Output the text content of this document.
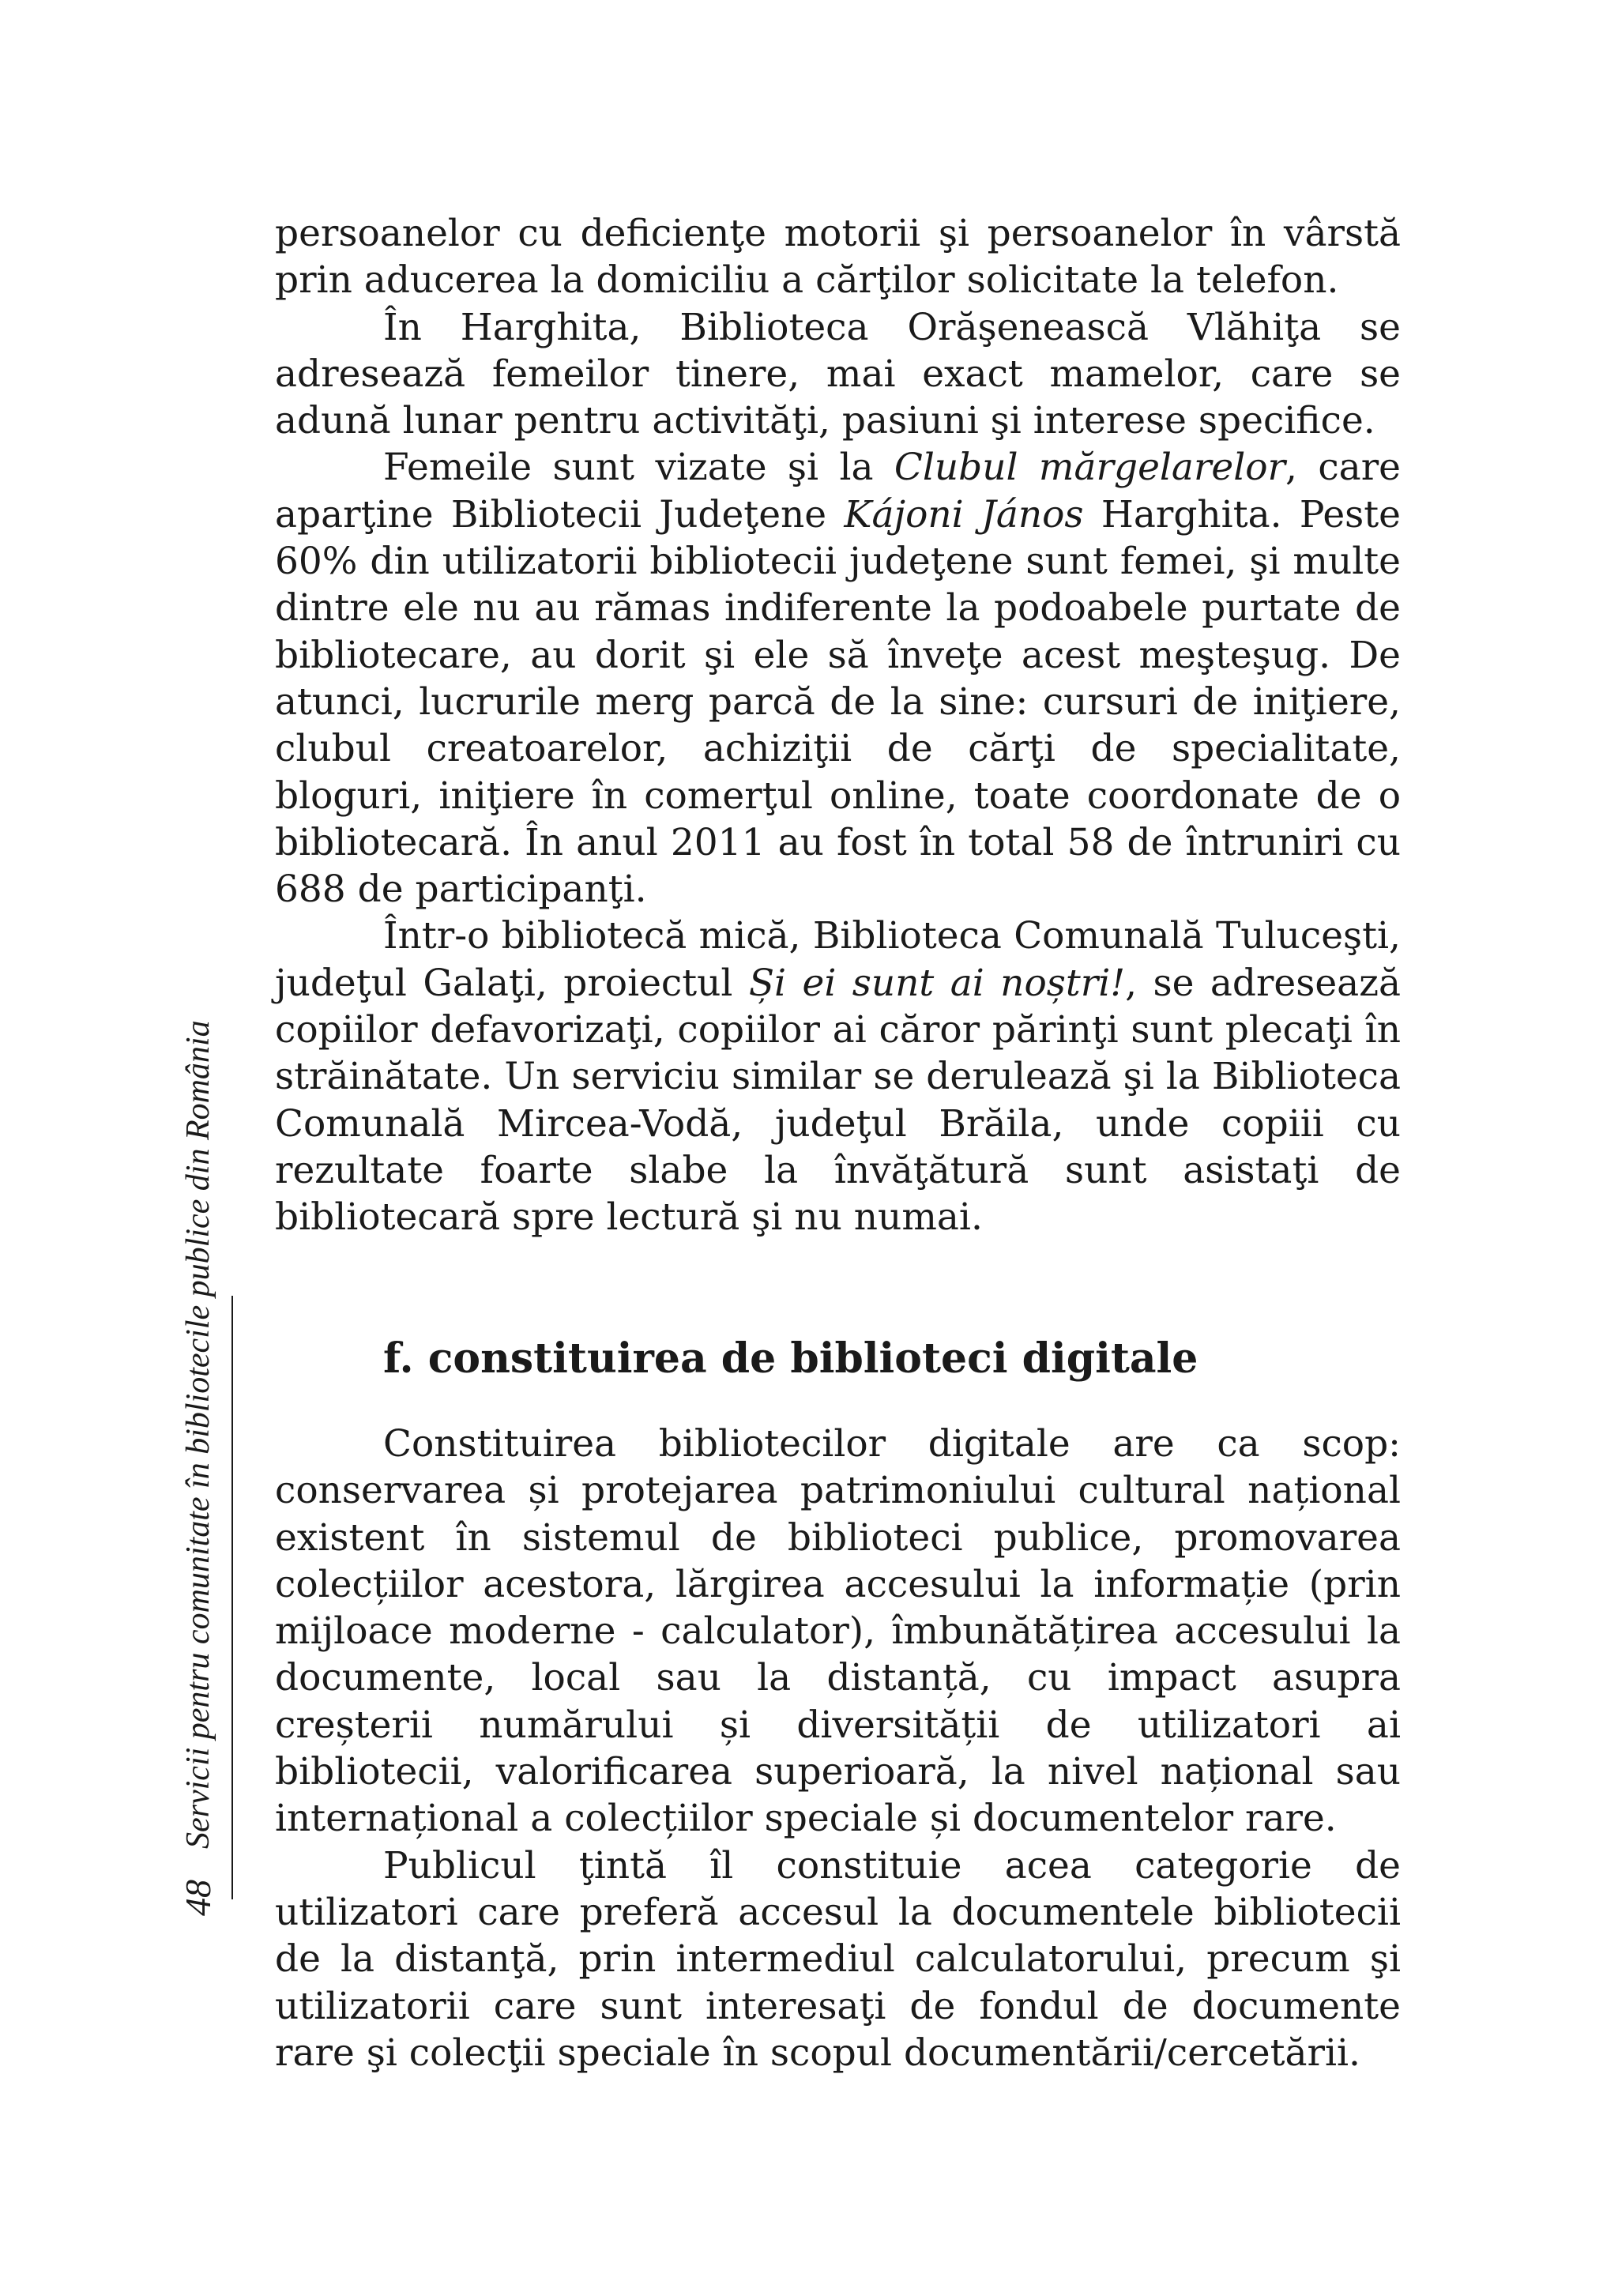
persoanelor cu deficienţe motorii şi persoanelor în vârstă prin aducerea la domiciliu a cărţilor solicitate la telefon.

În Harghita, Biblioteca Orăşenească Vlăhiţa se adresează femeilor tinere, mai exact mamelor, care se adună lunar pentru activităţi, pasiuni şi interese specifice.

Femeile sunt vizate şi la Clubul mărgelarelor, care aparţine Bibliotecii Judeţene Kájoni János Harghita. Peste 60% din utilizatorii bibliotecii judeţene sunt femei, şi multe dintre ele nu au rămas indiferente la podoabele purtate de bibliotecare, au dorit şi ele să înveţe acest meşteşug. De atunci, lucrurile merg parcă de la sine: cursuri de iniţiere, clubul creatoarelor, achiziţii de cărţi de specialitate, bloguri, iniţiere în comerţul online, toate coordonate de o bibliotecară. În anul 2011 au fost în total 58 de întruniri cu 688 de participanţi.

Într-o bibliotecă mică, Biblioteca Comunală Tuluceşti, judeţul Galaţi, proiectul Și ei sunt ai noștri!, se adresează copiilor defavorizaţi, copiilor ai căror părinţi sunt plecaţi în străinătate. Un serviciu similar se derulează şi la Biblioteca Comunală Mircea-Vodă, judeţul Brăila, unde copiii cu rezultate foarte slabe la învăţătură sunt asistaţi de bibliotecară spre lectură şi nu numai.

f. constituirea de biblioteci digitale

Constituirea bibliotecilor digitale are ca scop: conservarea și protejarea patrimoniului cultural național existent în sistemul de biblioteci publice, promovarea colecțiilor acestora, lărgirea accesului la informație (prin mijloace moderne - calculator), îmbunătățirea accesului la documente, local sau la distanță, cu impact asupra creșterii numărului și diversității de utilizatori ai bibliotecii, valorificarea superioară, la nivel național sau internațional a colecțiilor speciale și documentelor rare.

Publicul ţintă îl constituie acea categorie de utilizatori care preferă accesul la documentele bibliotecii de la distanţă, prin intermediul calculatorului, precum şi utilizatorii care sunt interesaţi de fondul de documente rare şi colecţii speciale în scopul documentării/cercetării.

Servicii pentru comunitate în bibliotecile publice din România
48
